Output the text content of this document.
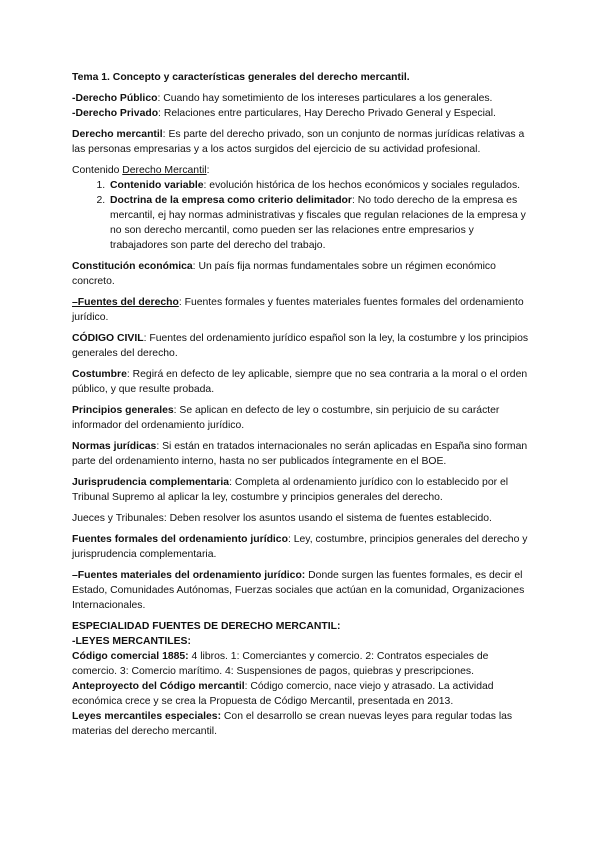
Tema 1. Concepto y características generales del derecho mercantil.

-Derecho Público: Cuando hay sometimiento de los intereses particulares a los generales.

-Derecho Privado: Relaciones entre particulares, Hay Derecho Privado General y Especial.

Derecho mercantil: Es parte del derecho privado, son un conjunto de normas jurídicas relativas a las personas empresarias y a los actos surgidos del ejercicio de su actividad profesional.

Contenido Derecho Mercantil:

1. Contenido variable: evolución histórica de los hechos económicos y sociales regulados.
2. Doctrina de la empresa como criterio delimitador: No todo derecho de la empresa es mercantil, ej hay normas administrativas y fiscales que regulan relaciones de la empresa y no son derecho mercantil, como pueden ser las relaciones entre empresarios y trabajadores son parte del derecho del trabajo.

Constitución económica: Un país fija normas fundamentales sobre un régimen económico concreto.

–Fuentes del derecho: Fuentes formales y fuentes materiales fuentes formales del ordenamiento jurídico.

CÓDIGO CIVIL: Fuentes del ordenamiento jurídico español son la ley, la costumbre y los principios generales del derecho.

Costumbre: Regirá en defecto de ley aplicable, siempre que no sea contraria a la moral o el orden público, y que resulte probada.

Principios generales: Se aplican en defecto de ley o costumbre, sin perjuicio de su carácter informador del ordenamiento jurídico.

Normas jurídicas: Si están en tratados internacionales no serán aplicadas en España sino forman parte del ordenamiento interno, hasta no ser publicados íntegramente en el BOE.

Jurisprudencia complementaria: Completa al ordenamiento jurídico con lo establecido por el Tribunal Supremo al aplicar la ley, costumbre y principios generales del derecho.

Jueces y Tribunales: Deben resolver los asuntos usando el sistema de fuentes establecido.

Fuentes formales del ordenamiento jurídico: Ley, costumbre, principios generales del derecho y jurisprudencia complementaria.

–Fuentes materiales del ordenamiento jurídico: Donde surgen las fuentes formales, es decir el Estado, Comunidades Autónomas, Fuerzas sociales que actúan en la comunidad, Organizaciones Internacionales.

ESPECIALIDAD FUENTES DE DERECHO MERCANTIL:

-LEYES MERCANTILES:

Código comercial 1885: 4 libros. 1: Comerciantes y comercio. 2: Contratos especiales de comercio. 3: Comercio marítimo. 4: Suspensiones de pagos, quiebras y prescripciones.

Anteproyecto del Código mercantil: Código comercio, nace viejo y atrasado. La actividad económica crece y se crea la Propuesta de Código Mercantil, presentada en 2013.

Leyes mercantiles especiales: Con el desarrollo se crean nuevas leyes para regular todas las materias del derecho mercantil.
